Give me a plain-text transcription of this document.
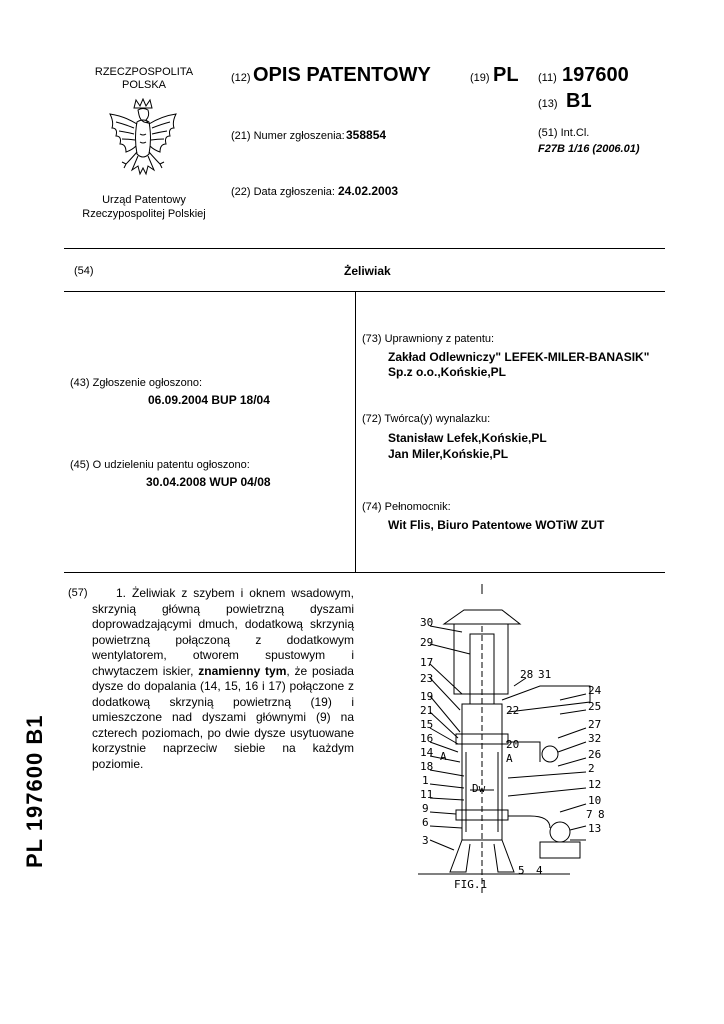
RZECZPOSPOLITA
POLSKA
Urząd Patentowy
Rzeczypospolitej Polskiej
(12) OPIS PATENTOWY	(19) PL (11) 197600
(13) B1
(21) Numer zgłoszenia: 358854	(51) Int.Cl.
F27B 1/16 (2006.01)
(22) Data zgłoszenia: 24.02.2003
(54)	Żeliwiak
(43) Zgłoszenie ogłoszono:
06.09.2004 BUP 18/04
(45) O udzieleniu patentu ogłoszono:
30.04.2008 WUP 04/08
(73) Uprawniony z patentu:
Zakład Odlewniczy" LEFEK-MILER-BANASIK"
Sp.z o.o.,Końskie,PL
(72) Twórca(y) wynalazku:
Stanisław Lefek,Końskie,PL
Jan Miler,Końskie,PL
(74) Pełnomocnik:
Wit Flis, Biuro Patentowe WOTiW ZUT
(57) 1. Żeliwiak z szybem i oknem wsadowym, skrzynią główną powietrzną dyszami doprowadzającymi dmuch, dodatkową skrzynią powietrzną połączoną z dodatkowym wentylatorem, otworem spustowym i chwytaczem iskier, znamienny tym, że posiada dysze do dopalania (14, 15, 16 i 17) połączone z dodatkową skrzynią powietrzną (19) i umieszczone nad dyszami głównymi (9) na czterech poziomach, po dwie dysze usytuowane korzystnie naprzeciw siebie na każdym poziomie.
PL 197600 B1
30
29
17
23
19
21
15
16
14
18
1
11
9
6
3
28 31
24
25
27
32
26
2
12
10
7 8
13
5 4
22
20
A	A
Dw
FIG.1
